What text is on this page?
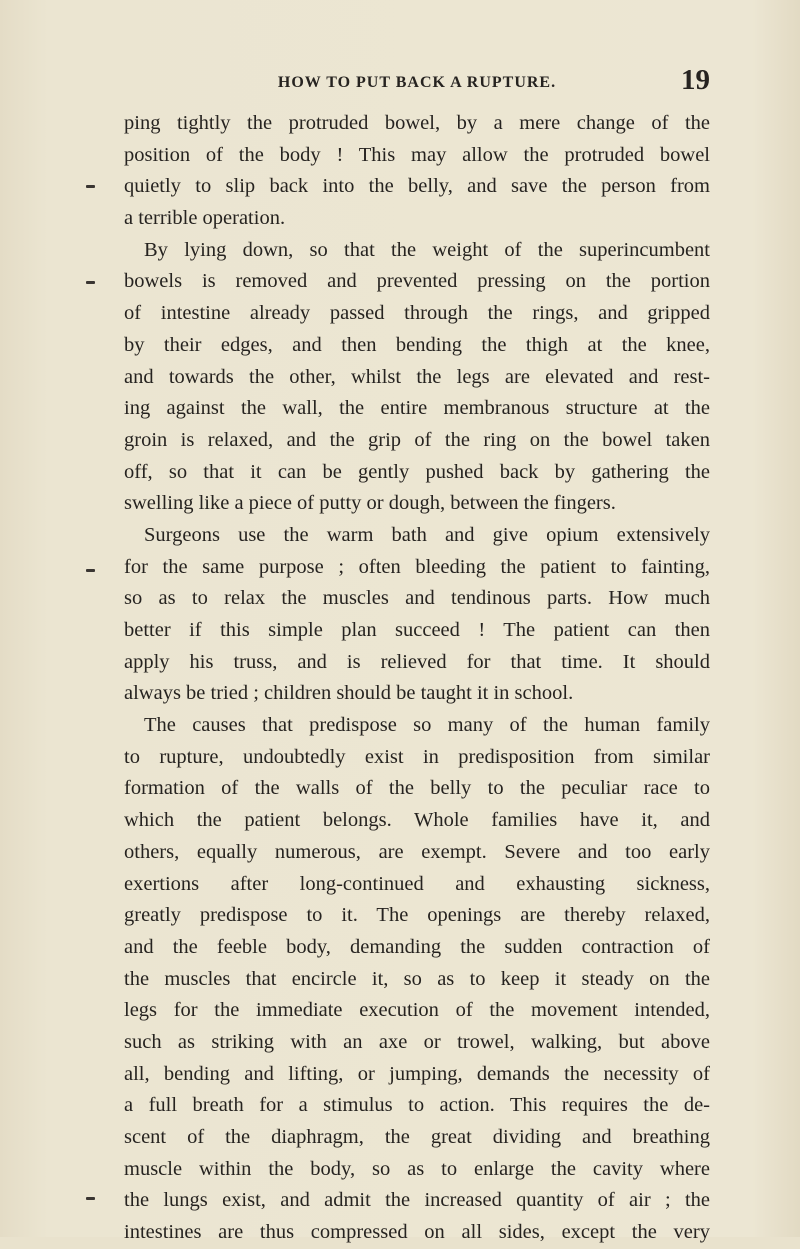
HOW TO PUT BACK A RUPTURE.	19
ping tightly the protruded bowel, by a mere change of the
position of the body ! This may allow the protruded bowel
quietly to slip back into the belly, and save the person from
a terrible operation.
By lying down, so that the weight of the superincumbent
bowels is removed and prevented pressing on the portion
of intestine already passed through the rings, and gripped
by their edges, and then bending the thigh at the knee,
and towards the other, whilst the legs are elevated and rest-
ing against the wall, the entire membranous structure at the
groin is relaxed, and the grip of the ring on the bowel taken
off, so that it can be gently pushed back by gathering the
swelling like a piece of putty or dough, between the fingers.
Surgeons use the warm bath and give opium extensively
for the same purpose ; often bleeding the patient to fainting,
so as to relax the muscles and tendinous parts. How much
better if this simple plan succeed ! The patient can then
apply his truss, and is relieved for that time. It should
always be tried ; children should be taught it in school.
The causes that predispose so many of the human family
to rupture, undoubtedly exist in predisposition from similar
formation of the walls of the belly to the peculiar race to
which the patient belongs. Whole families have it, and
others, equally numerous, are exempt. Severe and too early
exertions after long-continued and exhausting sickness,
greatly predispose to it. The openings are thereby relaxed,
and the feeble body, demanding the sudden contraction of
the muscles that encircle it, so as to keep it steady on the
legs for the immediate execution of the movement intended,
such as striking with an axe or trowel, walking, but above
all, bending and lifting, or jumping, demands the necessity of
a full breath for a stimulus to action. This requires the de-
scent of the diaphragm, the great dividing and breathing
muscle within the body, so as to enlarge the cavity where
the lungs exist, and admit the increased quantity of air ; the
intestines are thus compressed on all sides, except the very
